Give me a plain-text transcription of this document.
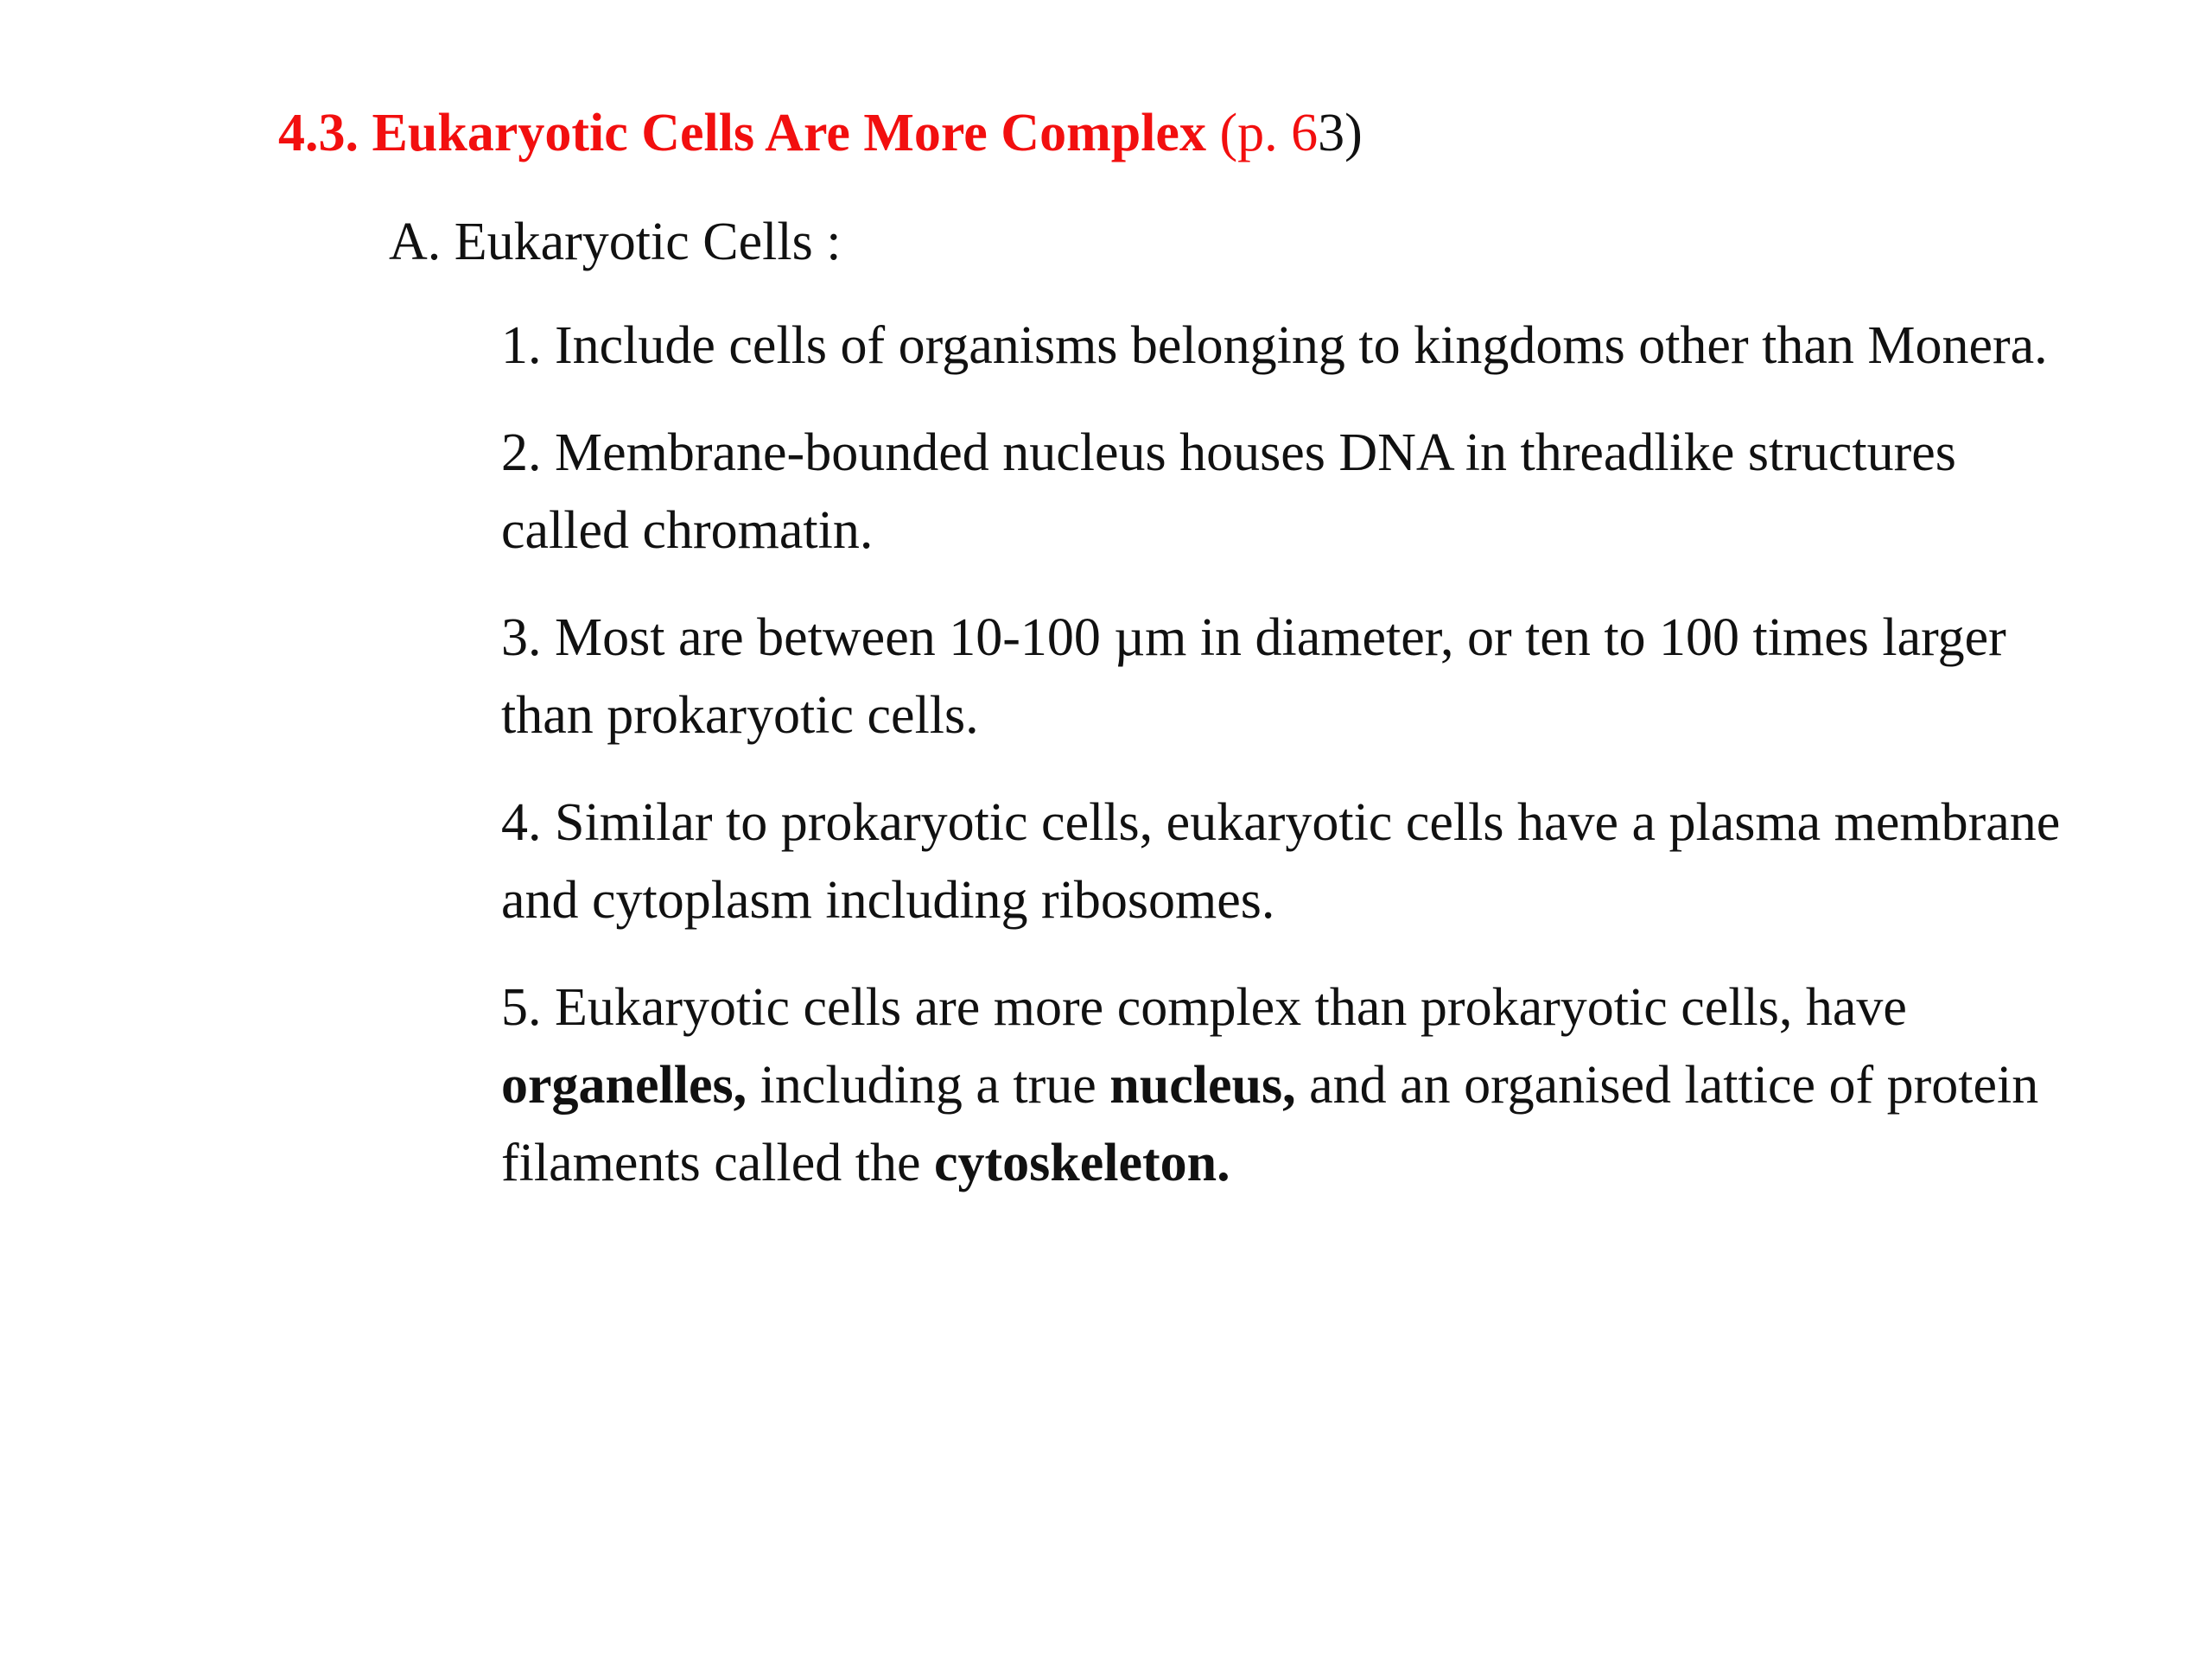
4.3. Eukaryotic Cells Are More Complex (p. 63)
A. Eukaryotic Cells :
1. Include cells of organisms belonging to kingdoms other than Monera.
2. Membrane-bounded nucleus houses DNA in threadlike structures called chromatin.
3. Most are between 10-100 µm in diameter, or ten to 100 times larger than prokaryotic cells.
4. Similar to prokaryotic cells, eukaryotic cells have a plasma membrane and cytoplasm including ribosomes.
5. Eukaryotic cells are more complex than prokaryotic cells, have organelles, including a true nucleus, and an organised lattice of protein filaments called the cytoskeleton.
